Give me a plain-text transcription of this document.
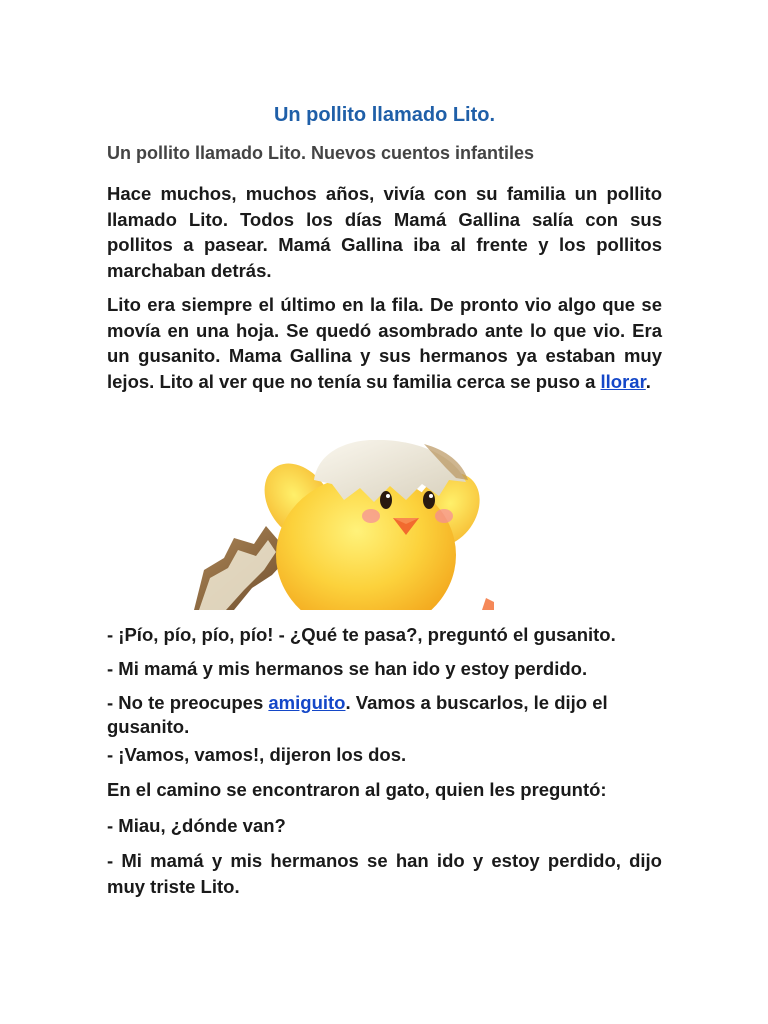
Un pollito llamado Lito.

Un pollito llamado Lito. Nuevos cuentos infantiles

Hace muchos, muchos años, vivía con su familia un pollito llamado Lito. Todos los días Mamá Gallina salía con sus pollitos a pasear. Mamá Gallina iba al frente y los pollitos marchaban detrás.

Lito era siempre el último en la fila. De pronto vio algo que se movía en una hoja. Se quedó asombrado ante lo que vio. Era un gusanito. Mama Gallina y sus hermanos ya estaban muy lejos. Lito al ver que no tenía su familia cerca se puso a llorar.

- ¡Pío, pío, pío, pío! - ¿Qué te pasa?, preguntó el gusanito.

- Mi mamá y mis hermanos se han ido y estoy perdido.

- No te preocupes amiguito. Vamos a buscarlos, le dijo el gusanito.

- ¡Vamos, vamos!, dijeron los dos.

En el camino se encontraron al gato, quien les preguntó:

- Miau, ¿dónde van?

- Mi mamá y mis hermanos se han ido y estoy perdido, dijo muy triste Lito.
